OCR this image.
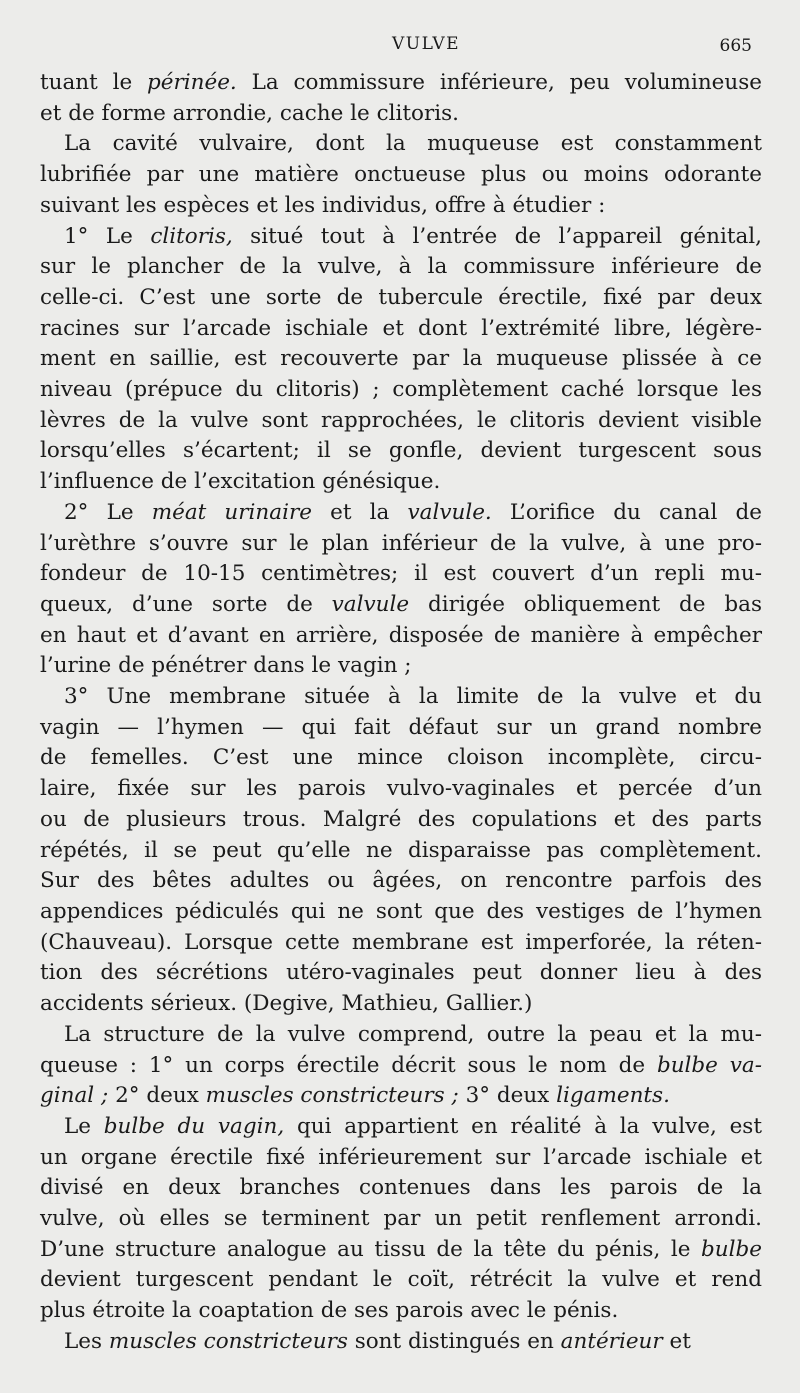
VULVE	665
tuant le périnée. La commissure inférieure, peu volumineuse
et de forme arrondie, cache le clitoris.
La cavité vulvaire, dont la muqueuse est constamment
lubrifiée par une matière onctueuse plus ou moins odorante
suivant les espèces et les individus, offre à étudier :
1° Le clitoris, situé tout à l’entrée de l’appareil génital,
sur le plancher de la vulve, à la commissure inférieure de
celle-ci. C’est une sorte de tubercule érectile, fixé par deux
racines sur l’arcade ischiale et dont l’extrémité libre, légère-
ment en saillie, est recouverte par la muqueuse plissée à ce
niveau (prépuce du clitoris) ; complètement caché lorsque les
lèvres de la vulve sont rapprochées, le clitoris devient visible
lorsqu’elles s’écartent; il se gonfle, devient turgescent sous
l’influence de l’excitation génésique.
2° Le méat urinaire et la valvule. L’orifice du canal de
l’urèthre s’ouvre sur le plan inférieur de la vulve, à une pro-
fondeur de 10-15 centimètres; il est couvert d’un repli mu-
queux, d’une sorte de valvule dirigée obliquement de bas
en haut et d’avant en arrière, disposée de manière à empêcher
l’urine de pénétrer dans le vagin ;
3° Une membrane située à la limite de la vulve et du
vagin — l’hymen — qui fait défaut sur un grand nombre
de femelles. C’est une mince cloison incomplète, circu-
laire, fixée sur les parois vulvo-vaginales et percée d’un
ou de plusieurs trous. Malgré des copulations et des parts
répétés, il se peut qu’elle ne disparaisse pas complètement.
Sur des bêtes adultes ou âgées, on rencontre parfois des
appendices pédiculés qui ne sont que des vestiges de l’hymen
(Chauveau). Lorsque cette membrane est imperforée, la réten-
tion des sécrétions utéro-vaginales peut donner lieu à des
accidents sérieux. (Degive, Mathieu, Gallier.)
La structure de la vulve comprend, outre la peau et la mu-
queuse : 1° un corps érectile décrit sous le nom de bulbe va-
ginal ; 2° deux muscles constricteurs ; 3° deux ligaments.
Le bulbe du vagin, qui appartient en réalité à la vulve, est
un organe érectile fixé inférieurement sur l’arcade ischiale et
divisé en deux branches contenues dans les parois de la
vulve, où elles se terminent par un petit renflement arrondi.
D’une structure analogue au tissu de la tête du pénis, le bulbe
devient turgescent pendant le coït, rétrécit la vulve et rend
plus étroite la coaptation de ses parois avec le pénis.
Les muscles constricteurs sont distingués en antérieur et
